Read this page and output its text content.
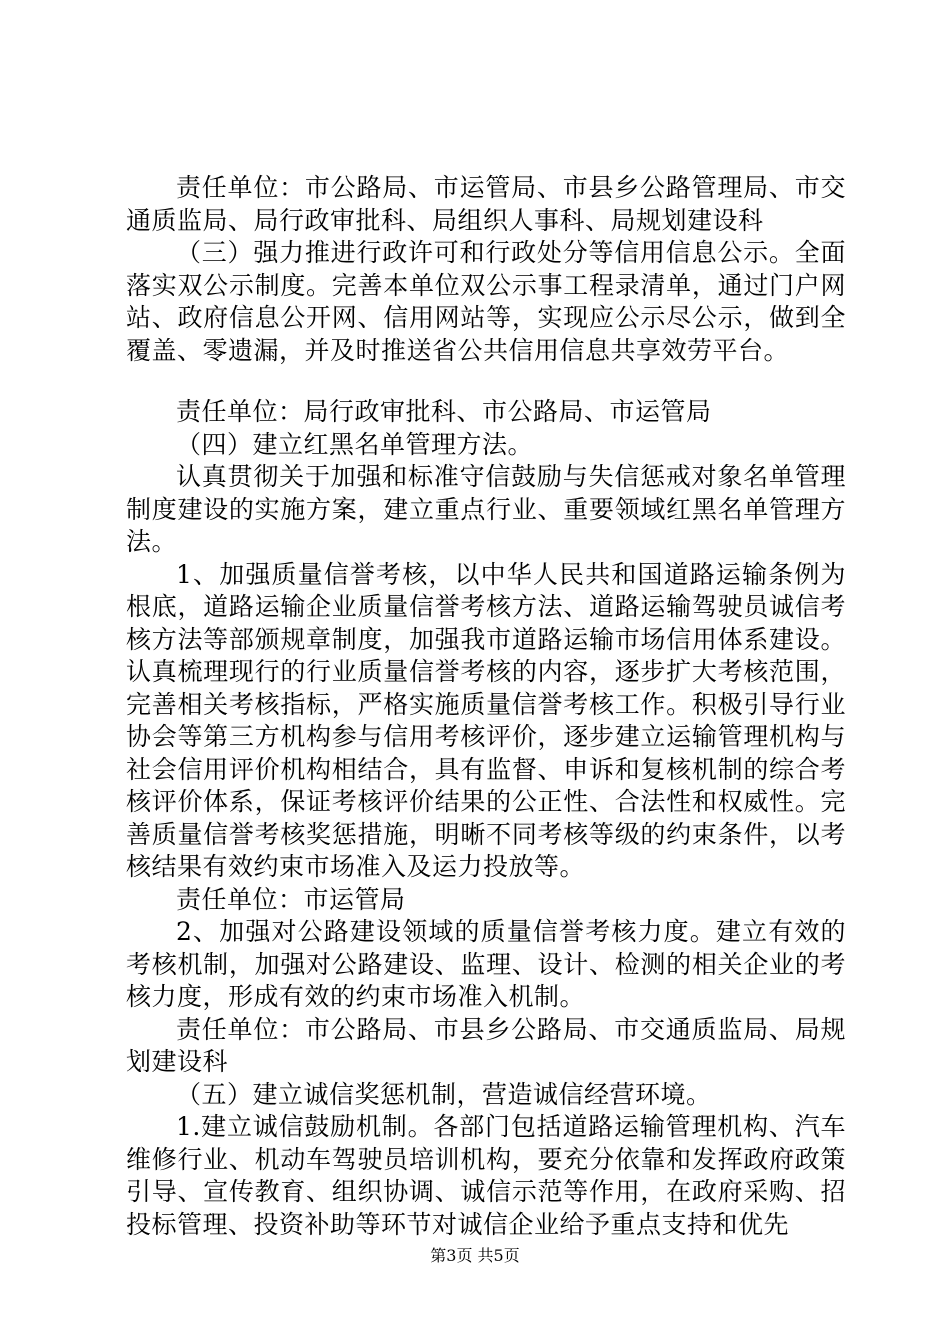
责任单位：市公路局、市运管局、市县乡公路管理局、市交通质监局、局行政审批科、局组织人事科、局规划建设科

（三）强力推进行政许可和行政处分等信用信息公示。全面落实双公示制度。完善本单位双公示事工程录清单，通过门户网站、政府信息公开网、信用网站等，实现应公示尽公示，做到全覆盖、零遗漏，并及时推送省公共信用信息共享效劳平台。

责任单位：局行政审批科、市公路局、市运管局

（四）建立红黑名单管理方法。

认真贯彻关于加强和标准守信鼓励与失信惩戒对象名单管理制度建设的实施方案，建立重点行业、重要领域红黑名单管理方法。

1、加强质量信誉考核，以中华人民共和国道路运输条例为根底，道路运输企业质量信誉考核方法、道路运输驾驶员诚信考核方法等部颁规章制度，加强我市道路运输市场信用体系建设。认真梳理现行的行业质量信誉考核的内容，逐步扩大考核范围，完善相关考核指标，严格实施质量信誉考核工作。积极引导行业协会等第三方机构参与信用考核评价，逐步建立运输管理机构与社会信用评价机构相结合，具有监督、申诉和复核机制的综合考核评价体系，保证考核评价结果的公正性、合法性和权威性。完善质量信誉考核奖惩措施，明晰不同考核等级的约束条件，以考核结果有效约束市场准入及运力投放等。

责任单位：市运管局

2、加强对公路建设领域的质量信誉考核力度。建立有效的考核机制，加强对公路建设、监理、设计、检测的相关企业的考核力度，形成有效的约束市场准入机制。

责任单位：市公路局、市县乡公路局、市交通质监局、局规划建设科

（五）建立诚信奖惩机制，营造诚信经营环境。

1.建立诚信鼓励机制。各部门包括道路运输管理机构、汽车维修行业、机动车驾驶员培训机构，要充分依靠和发挥政府政策引导、宣传教育、组织协调、诚信示范等作用，在政府采购、招投标管理、投资补助等环节对诚信企业给予重点支持和优先

第3页 共5页
